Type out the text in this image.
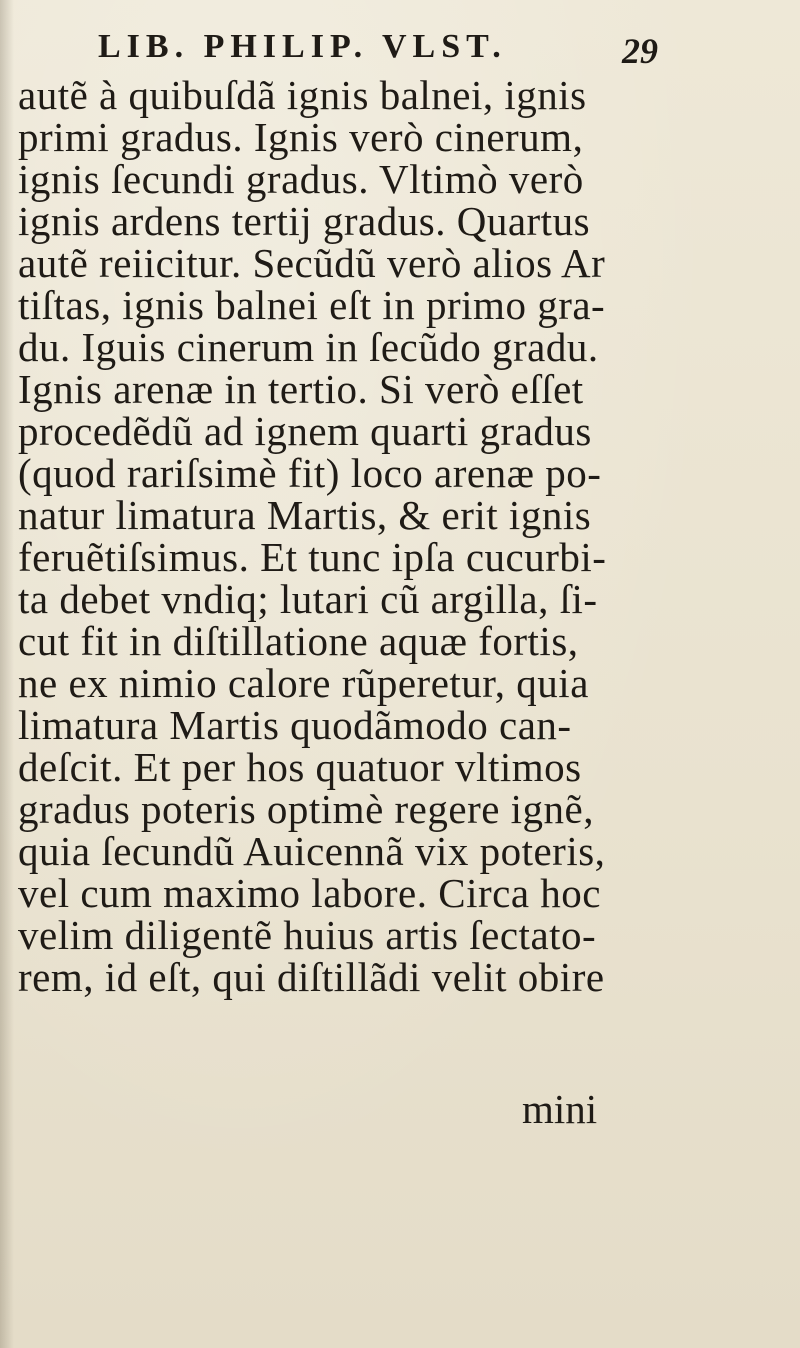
LIB. PHILIP. VLST.	29
autẽ à quibuſdã ignis balnei, ignis
primi gradus. Ignis verò cinerum,
ignis ſecundi gradus. Vltimò verò
ignis ardens tertij gradus. Quartus
autẽ reiicitur. Secũdũ verò alios Ar
tiſtas, ignis balnei eſt in primo gra-
du. Iguis cinerum in ſecũdo gradu.
Ignis arenæ in tertio. Si verò eſſet
procedẽdũ ad ignem quarti gradus
(quod rariſsimè fit) loco arenæ po-
natur limatura Martis, & erit ignis
feruẽtiſsimus. Et tunc ipſa cucurbi-
ta debet vndiq; lutari cũ argilla, ſi-
cut fit in diſtillatione aquæ fortis,
ne ex nimio calore rũperetur, quia
limatura Martis quodãmodo can-
deſcit. Et per hos quatuor vltimos
gradus poteris optimè regere ignẽ,
quia ſecundũ Auicennã vix poteris,
vel cum maximo labore. Circa hoc
velim diligentẽ huius artis ſectato-
rem, id eſt, qui diſtillãdi velit obire
mini
